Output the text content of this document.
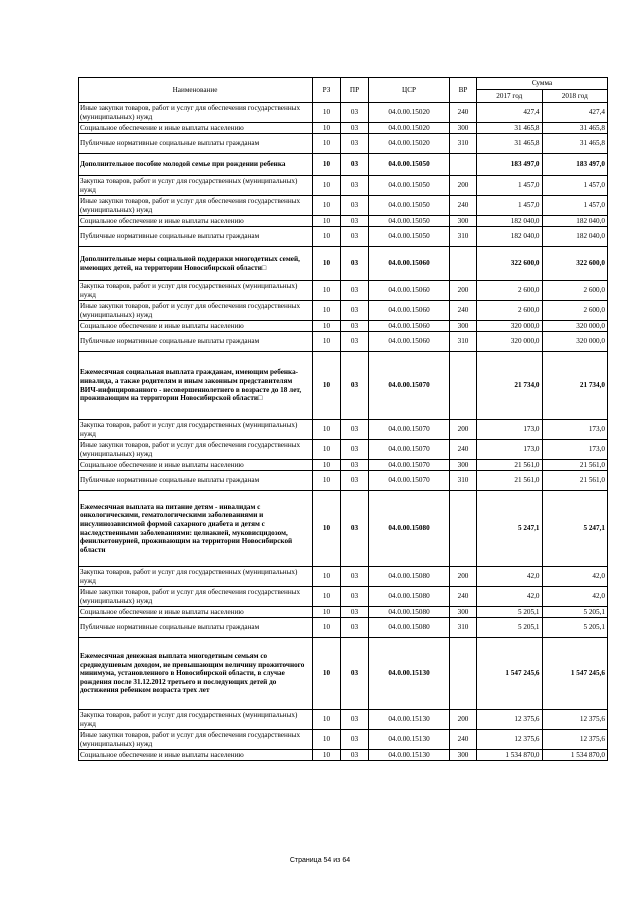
Наименование	РЗ	ПР	ЦСР	ВР	Сумма	
					2017 год	2018 год
Иные закупки товаров, работ и услуг для обеспечения государственных (муниципальных) нужд	10	03	04.0.00.15020	240	427,4	427,4
Социальное обеспечение и иные выплаты населению	10	03	04.0.00.15020	300	31 465,8	31 465,8
Публичные нормативные социальные выплаты гражданам	10	03	04.0.00.15020	310	31 465,8	31 465,8
Дополнительное пособие молодой семье при рождении ребенка	10	03	04.0.00.15050		183 497,0	183 497,0
Закупка товаров, работ и услуг для государственных (муниципальных) нужд	10	03	04.0.00.15050	200	1 457,0	1 457,0
Иные закупки товаров, работ и услуг для обеспечения государственных (муниципальных) нужд	10	03	04.0.00.15050	240	1 457,0	1 457,0
Социальное обеспечение и иные выплаты населению	10	03	04.0.00.15050	300	182 040,0	182 040,0
Публичные нормативные социальные выплаты гражданам	10	03	04.0.00.15050	310	182 040,0	182 040,0
Дополнительные меры социальной поддержки многодетных семей, имеющих детей, на территории Новосибирской области□	10	03	04.0.00.15060		322 600,0	322 600,0
Закупка товаров, работ и услуг для государственных (муниципальных) нужд	10	03	04.0.00.15060	200	2 600,0	2 600,0
Иные закупки товаров, работ и услуг для обеспечения государственных (муниципальных) нужд	10	03	04.0.00.15060	240	2 600,0	2 600,0
Социальное обеспечение и иные выплаты населению	10	03	04.0.00.15060	300	320 000,0	320 000,0
Публичные нормативные социальные выплаты гражданам	10	03	04.0.00.15060	310	320 000,0	320 000,0
Ежемесячная социальная выплата гражданам, имеющим ребенка-инвалида, а также родителям и иным законным представителям ВИЧ-инфицированного - несовершеннолетнего в возрасте до 18 лет, проживающим на территории Новосибирской области□	10	03	04.0.00.15070		21 734,0	21 734,0
Закупка товаров, работ и услуг для государственных (муниципальных) нужд	10	03	04.0.00.15070	200	173,0	173,0
Иные закупки товаров, работ и услуг для обеспечения государственных (муниципальных) нужд	10	03	04.0.00.15070	240	173,0	173,0
Социальное обеспечение и иные выплаты населению	10	03	04.0.00.15070	300	21 561,0	21 561,0
Публичные нормативные социальные выплаты гражданам	10	03	04.0.00.15070	310	21 561,0	21 561,0
Ежемесячная выплата на питание детям - инвалидам с онкологическими, гематологическими заболеваниями и инсулинозависимой формой сахарного диабета и детям с наследственными заболеваниями: целиакией, муковисцидозом, фенилкетонурией, проживающим на территории Новосибирской области	10	03	04.0.00.15080		5 247,1	5 247,1
Закупка товаров, работ и услуг для государственных (муниципальных) нужд	10	03	04.0.00.15080	200	42,0	42,0
Иные закупки товаров, работ и услуг для обеспечения государственных (муниципальных) нужд	10	03	04.0.00.15080	240	42,0	42,0
Социальное обеспечение и иные выплаты населению	10	03	04.0.00.15080	300	5 205,1	5 205,1
Публичные нормативные социальные выплаты гражданам	10	03	04.0.00.15080	310	5 205,1	5 205,1
Ежемесячная денежная выплата многодетным семьям со среднедушевым доходом, не превышающим величину прожиточного минимума, установленного в Новосибирской области, в случае рождения после 31.12.2012 третьего и последующих детей до достижения ребенком возраста трех лет	10	03	04.0.00.15130		1 547 245,6	1 547 245,6
Закупка товаров, работ и услуг для государственных (муниципальных) нужд	10	03	04.0.00.15130	200	12 375,6	12 375,6
Иные закупки товаров, работ и услуг для обеспечения государственных (муниципальных) нужд	10	03	04.0.00.15130	240	12 375,6	12 375,6
Социальное обеспечение и иные выплаты населению	10	03	04.0.00.15130	300	1 534 870,0	1 534 870,0
Страница 54 из 64
